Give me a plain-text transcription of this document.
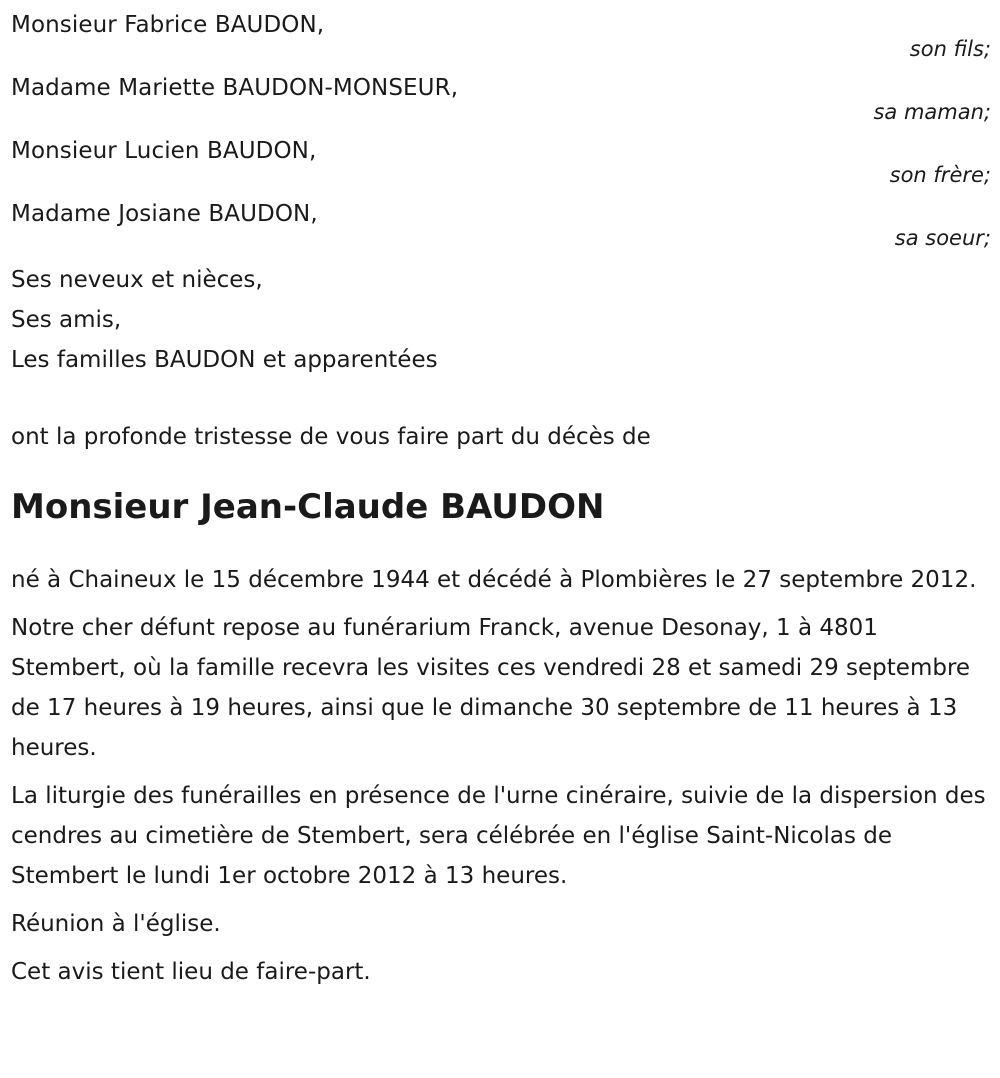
Monsieur Fabrice BAUDON,
son fils;
Madame Mariette BAUDON-MONSEUR,
sa maman;
Monsieur Lucien BAUDON,
son frère;
Madame Josiane BAUDON,
sa soeur;
Ses neveux et nièces,
Ses amis,
Les familles BAUDON et apparentées
ont la profonde tristesse de vous faire part du décès de
Monsieur Jean-Claude BAUDON
né à Chaineux le 15 décembre 1944 et décédé à Plombières le 27 septembre 2012.
Notre cher défunt repose au funérarium Franck, avenue Desonay, 1 à 4801 Stembert, où la famille recevra les visites ces vendredi 28 et samedi 29 septembre de 17 heures à 19 heures, ainsi que le dimanche 30 septembre de 11 heures à 13 heures.
La liturgie des funérailles en présence de l'urne cinéraire, suivie de la dispersion des cendres au cimetière de Stembert, sera célébrée en l'église Saint-Nicolas de Stembert le lundi 1er octobre 2012 à 13 heures.
Réunion à l'église.
Cet avis tient lieu de faire-part.
